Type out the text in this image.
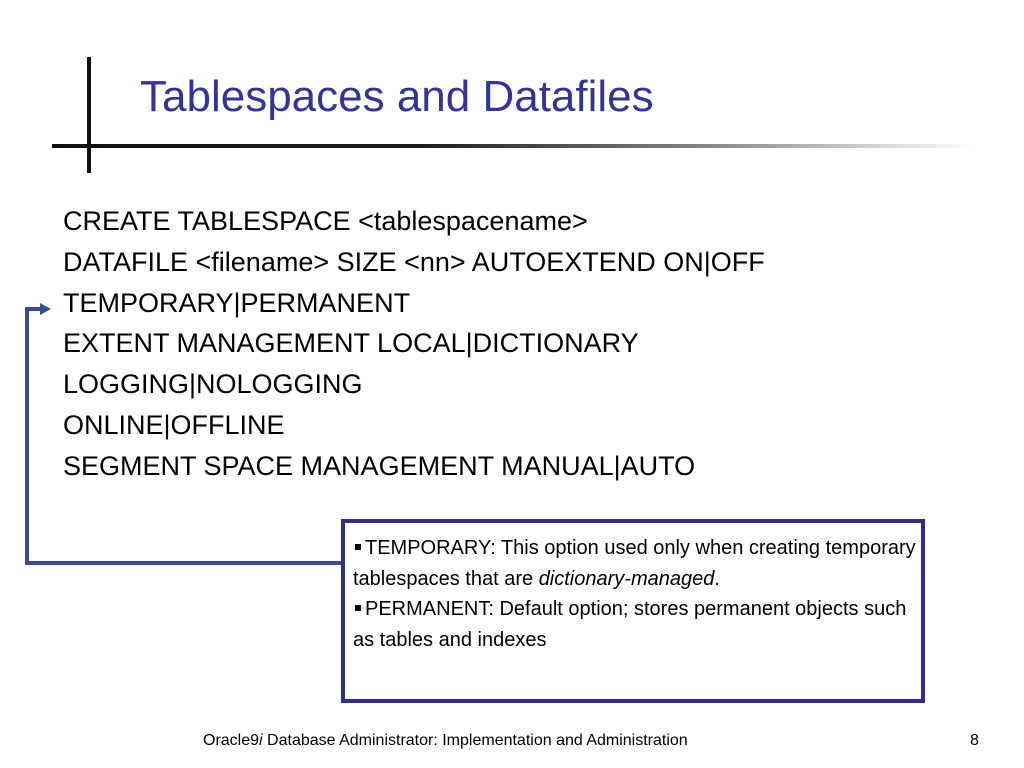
Tablespaces and Datafiles
CREATE TABLESPACE <tablespacename>
DATAFILE <filename> SIZE <nn> AUTOEXTEND ON|OFF
TEMPORARY|PERMANENT
EXTENT MANAGEMENT LOCAL|DICTIONARY
LOGGING|NOLOGGING
ONLINE|OFFLINE
SEGMENT SPACE MANAGEMENT MANUAL|AUTO

TEMPORARY: This option used only when creating temporary tablespaces that are dictionary-managed.

PERMANENT: Default option; stores permanent objects such as tables and indexes

Oracle9i Database Administrator: Implementation and Administration	8
